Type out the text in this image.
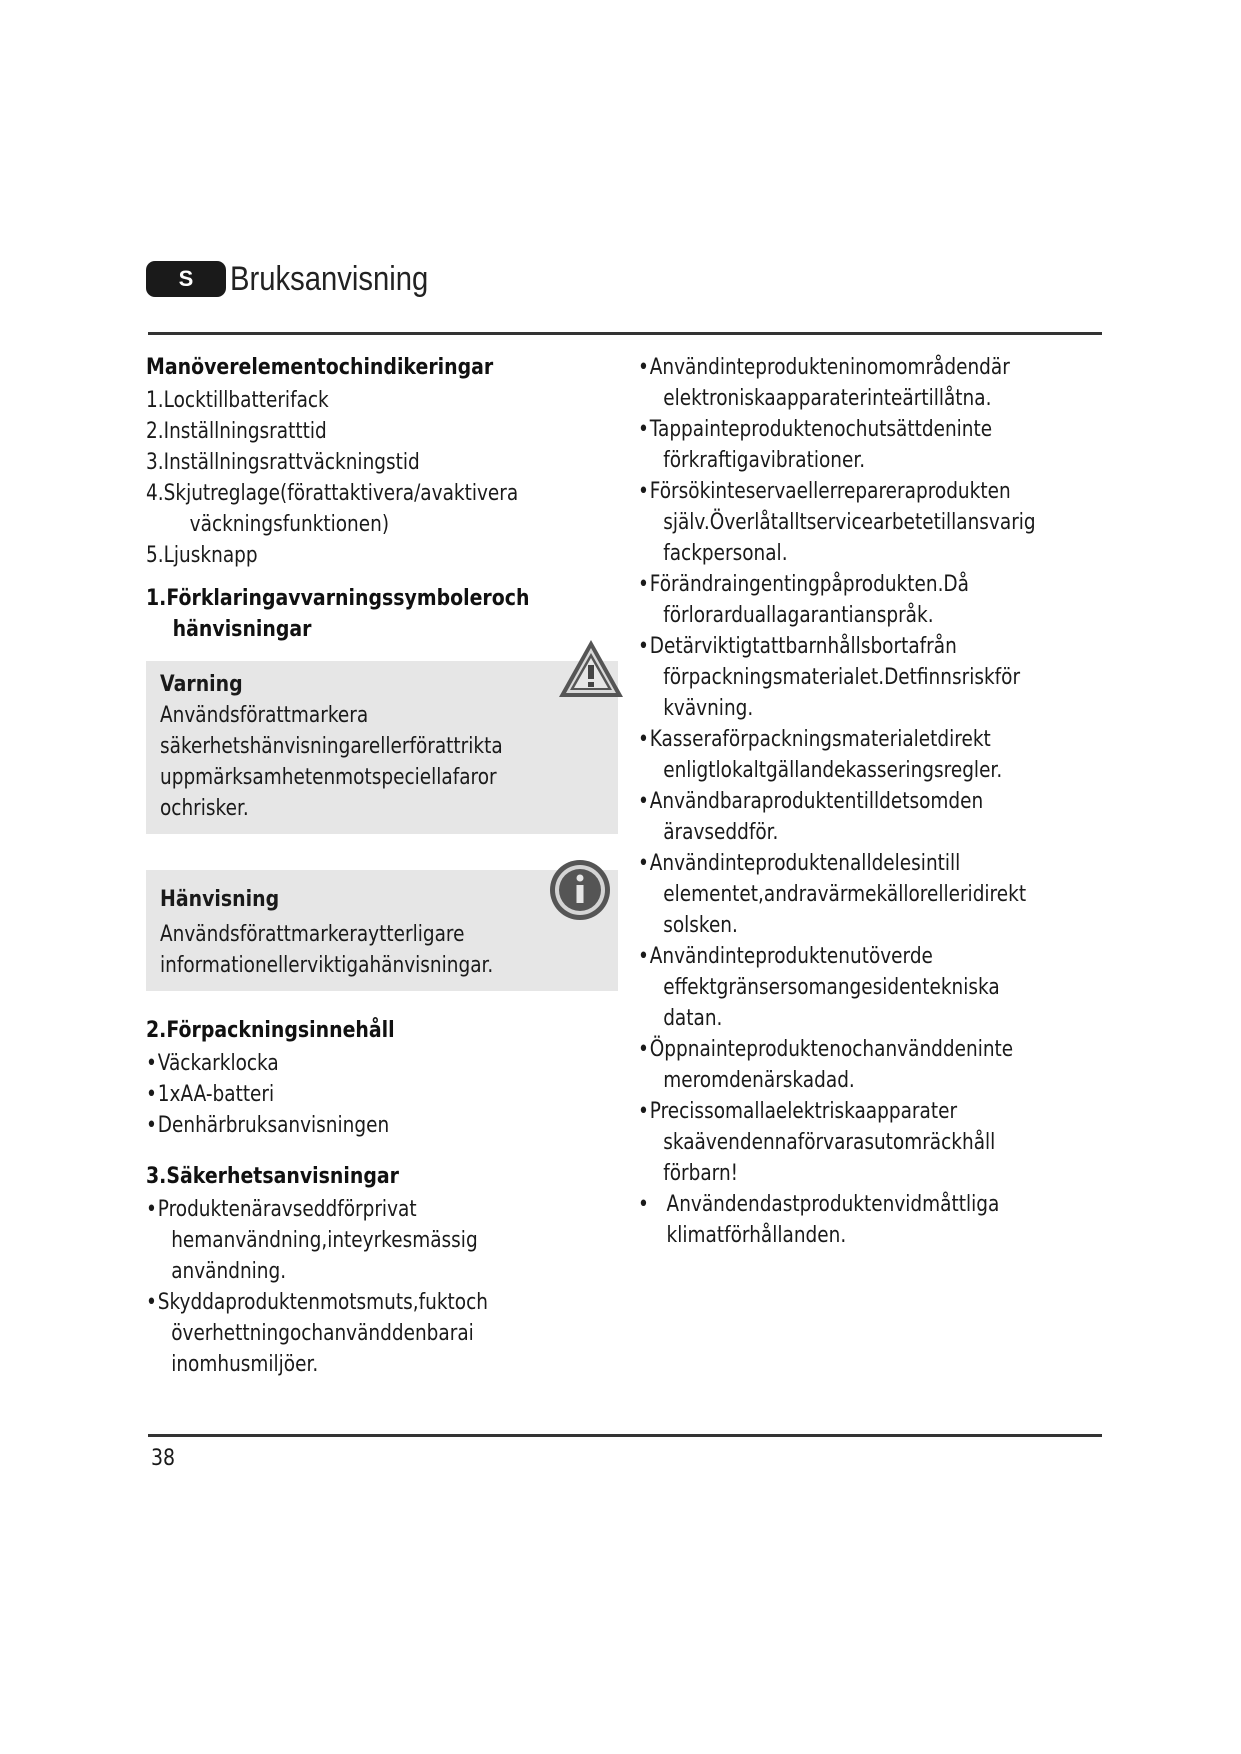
S	Bruksanvisning
Manöverelementochindikeringar
1.Locktillbatterifack
2.Inställningsratttid
3.Inställningsrattväckningstid
4.Skjutreglage(förattaktivera/avaktivera
väckningsfunktionen)
5.Ljusknapp
1.Förklaringavvarningssymboleroch
hänvisningar
Varning
Användsförattmarkera
säkerhetshänvisningarellerförattrikta
uppmärksamhetenmotspeciellafaror
ochrisker.
Hänvisning
Användsförattmarkeraytterligare
informationellerviktigahänvisningar.
2.Förpackningsinnehåll
• Väckarklocka
• 1xAA-batteri
• Denhärbruksanvisningen
3.Säkerhetsanvisningar
• Produktenäravseddförprivat
hemanvändning,inteyrkesmässig
användning.
• Skyddaproduktenmotsmuts,fuktoch
överhettningochanvänddenbarai
inomhusmiljöer.
• Användinteprodukteninomområdendär
elektroniskaapparaterinteärtillåtna.
• Tappainteproduktenochutsättdeninte
förkraftigavibrationer.
• Försökinteservaellerrepareraprodukten
själv.Överlåtalltservicearbetetillansvarig
fackpersonal.
• Förändraingentingpåprodukten.Då
förlorarduallagarantianspråk.
• Detärviktigtattbarnhållsbortafrån
förpackningsmaterialet.Detfinnsriskför
kvävning.
• Kasseraförpackningsmaterialetdirekt
enligtlokaltgällandekasseringsregler.
• Användbaraproduktentilldetsomden
äravseddför.
• Användinteproduktenalldelesintill
elementet,andravärmekällorelleridirekt
solsken.
• Användinteproduktenutöverde
effektgränsersomangesidentekniska
datan.
• Öppnainteproduktenochanvänddeninte
meromdenärskadad.
• Precissomallaelektriskaapparater
skaävendennaförvarasutomräckhåll
förbarn!
• Användendastproduktenvidmåttliga
klimatförhållanden.
38
